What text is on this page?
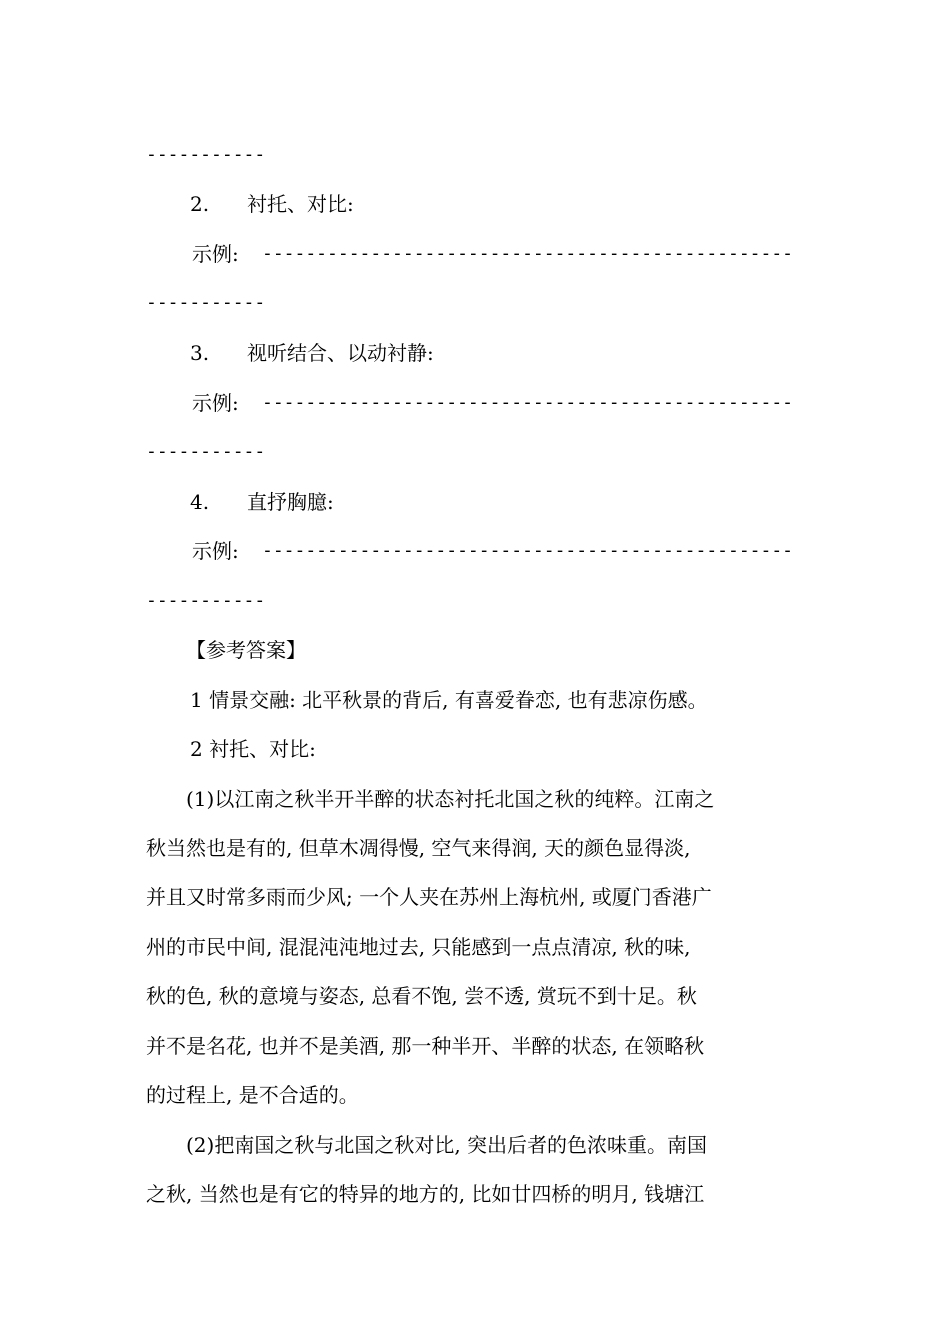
-----------
2. 衬托、对比:
示例: -------------------------------------------------
-----------
3. 视听结合、以动衬静:
示例: -------------------------------------------------
-----------
4. 直抒胸臆:
示例: -------------------------------------------------
-----------
【参考答案】
1 情景交融: 北平秋景的背后, 有喜爱眷恋, 也有悲凉伤感。
2 衬托、对比:
(1)以江南之秋半开半醉的状态衬托北国之秋的纯粹。江南之
秋当然也是有的, 但草木凋得慢, 空气来得润, 天的颜色显得淡,
并且又时常多雨而少风; 一个人夹在苏州上海杭州, 或厦门香港广
州的市民中间, 混混沌沌地过去, 只能感到一点点清凉, 秋的味,
秋的色, 秋的意境与姿态, 总看不饱, 尝不透, 赏玩不到十足。秋
并不是名花, 也并不是美酒, 那一种半开、半醉的状态, 在领略秋
的过程上, 是不合适的。
(2)把南国之秋与北国之秋对比, 突出后者的色浓味重。南国
之秋, 当然也是有它的特异的地方的, 比如廿四桥的明月, 钱塘江
